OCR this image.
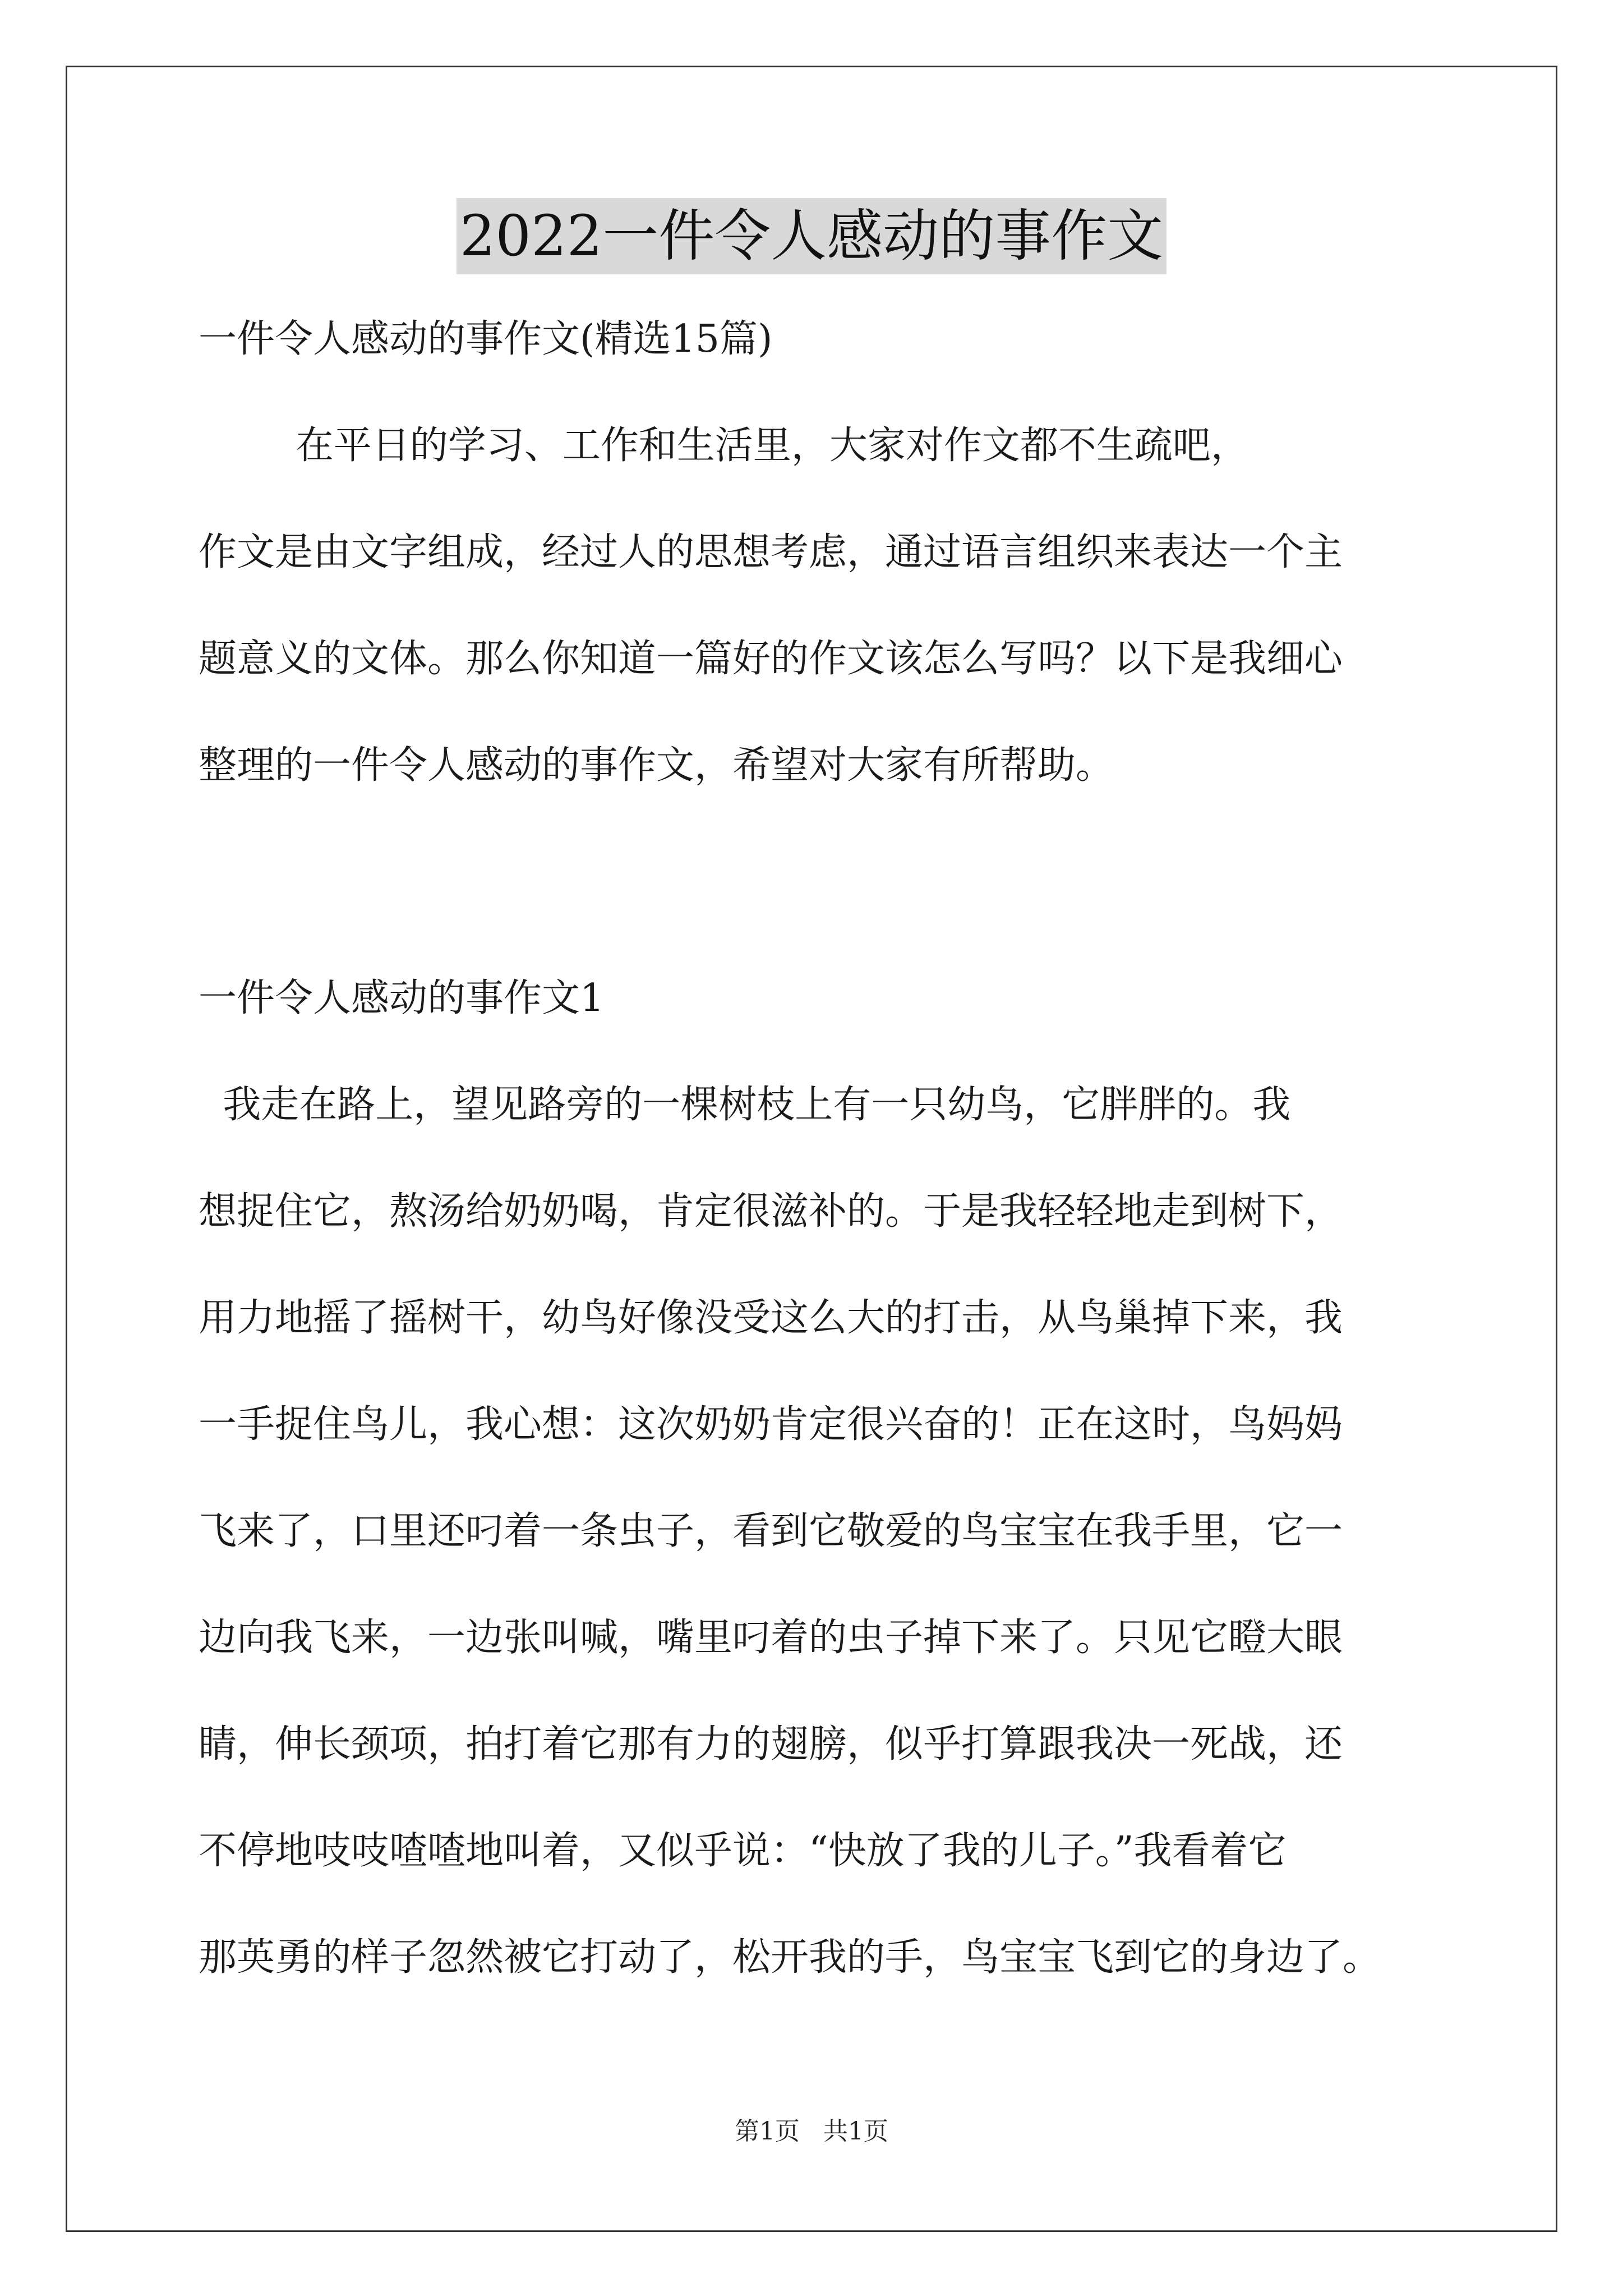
2022一件令人感动的事作文
一件令人感动的事作文(精选15篇)
在平日的学习、工作和生活里，大家对作文都不生疏吧，
作文是由文字组成，经过人的思想考虑，通过语言组织来表达一个主
题意义的文体。那么你知道一篇好的作文该怎么写吗？以下是我细心
整理的一件令人感动的事作文，希望对大家有所帮助。
一件令人感动的事作文1
我走在路上，望见路旁的一棵树枝上有一只幼鸟，它胖胖的。我
想捉住它，熬汤给奶奶喝，肯定很滋补的。于是我轻轻地走到树下，
用力地摇了摇树干，幼鸟好像没受这么大的打击，从鸟巢掉下来，我
一手捉住鸟儿，我心想：这次奶奶肯定很兴奋的！正在这时，鸟妈妈
飞来了，口里还叼着一条虫子，看到它敬爱的鸟宝宝在我手里，它一
边向我飞来，一边张叫喊，嘴里叼着的虫子掉下来了。只见它瞪大眼
睛，伸长颈项，拍打着它那有力的翅膀，似乎打算跟我决一死战，还
不停地吱吱喳喳地叫着，又似乎说：“快放了我的儿子。”我看着它
那英勇的样子忽然被它打动了，松开我的手，鸟宝宝飞到它的身边了。
第1页 共1页
